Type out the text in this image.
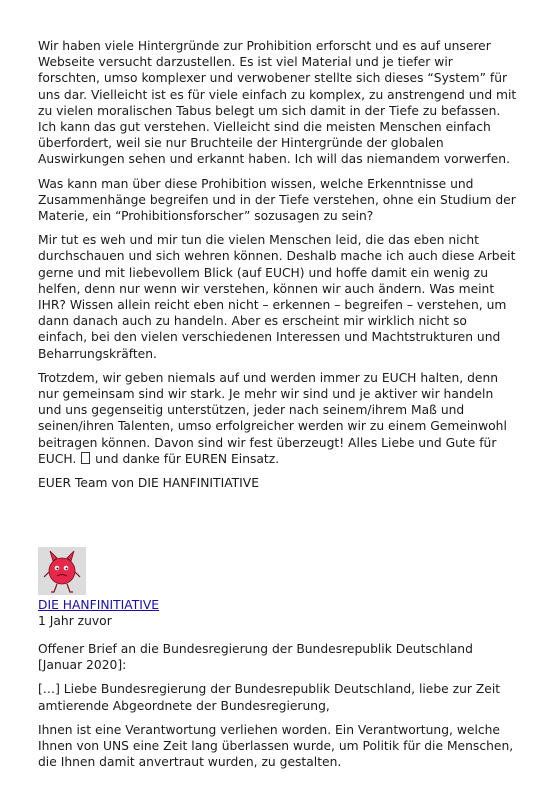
Wir haben viele Hintergründe zur Prohibition erforscht und es auf unserer Webseite versucht darzustellen. Es ist viel Material und je tiefer wir forschten, umso komplexer und verwobener stellte sich dieses “System” für uns dar. Vielleicht ist es für viele einfach zu komplex, zu anstrengend und mit zu vielen moralischen Tabus belegt um sich damit in der Tiefe zu befassen. Ich kann das gut verstehen. Vielleicht sind die meisten Menschen einfach überfordert, weil sie nur Bruchteile der Hintergründe der globalen Auswirkungen sehen und erkannt haben. Ich will das niemandem vorwerfen.

Was kann man über diese Prohibition wissen, welche Erkenntnisse und Zusammenhänge begreifen und in der Tiefe verstehen, ohne ein Studium der Materie, ein “Prohibitionsforscher” sozusagen zu sein?

Mir tut es weh und mir tun die vielen Menschen leid, die das eben nicht durchschauen und sich wehren können. Deshalb mache ich auch diese Arbeit gerne und mit liebevollem Blick (auf EUCH) und hoffe damit ein wenig zu helfen, denn nur wenn wir verstehen, können wir auch ändern. Was meint IHR? Wissen allein reicht eben nicht – erkennen – begreifen – verstehen, um dann danach auch zu handeln. Aber es erscheint mir wirklich nicht so einfach, bei den vielen verschiedenen Interessen und Machtstrukturen und Beharrungskräften.

Trotzdem, wir geben niemals auf und werden immer zu EUCH halten, denn nur gemeinsam sind wir stark. Je mehr wir sind und je aktiver wir handeln und uns gegenseitig unterstützen, jeder nach seinem/ihrem Maß und seinen/ihren Talenten, umso erfolgreicher werden wir zu einem Gemeinwohl beitragen können. Davon sind wir fest überzeugt! Alles Liebe und Gute für EUCH. und danke für EUREN Einsatz.

EUER Team von DIE HANFINITIATIVE

DIE HANFINITIATIVE
1 Jahr zuvor

Offener Brief an die Bundesregierung der Bundesrepublik Deutschland [Januar 2020]:

[…] Liebe Bundesregierung der Bundesrepublik Deutschland, liebe zur Zeit amtierende Abgeordnete der Bundesregierung,

Ihnen ist eine Verantwortung verliehen worden. Ein Verantwortung, welche Ihnen von UNS eine Zeit lang überlassen wurde, um Politik für die Menschen, die Ihnen damit anvertraut wurden, zu gestalten.
